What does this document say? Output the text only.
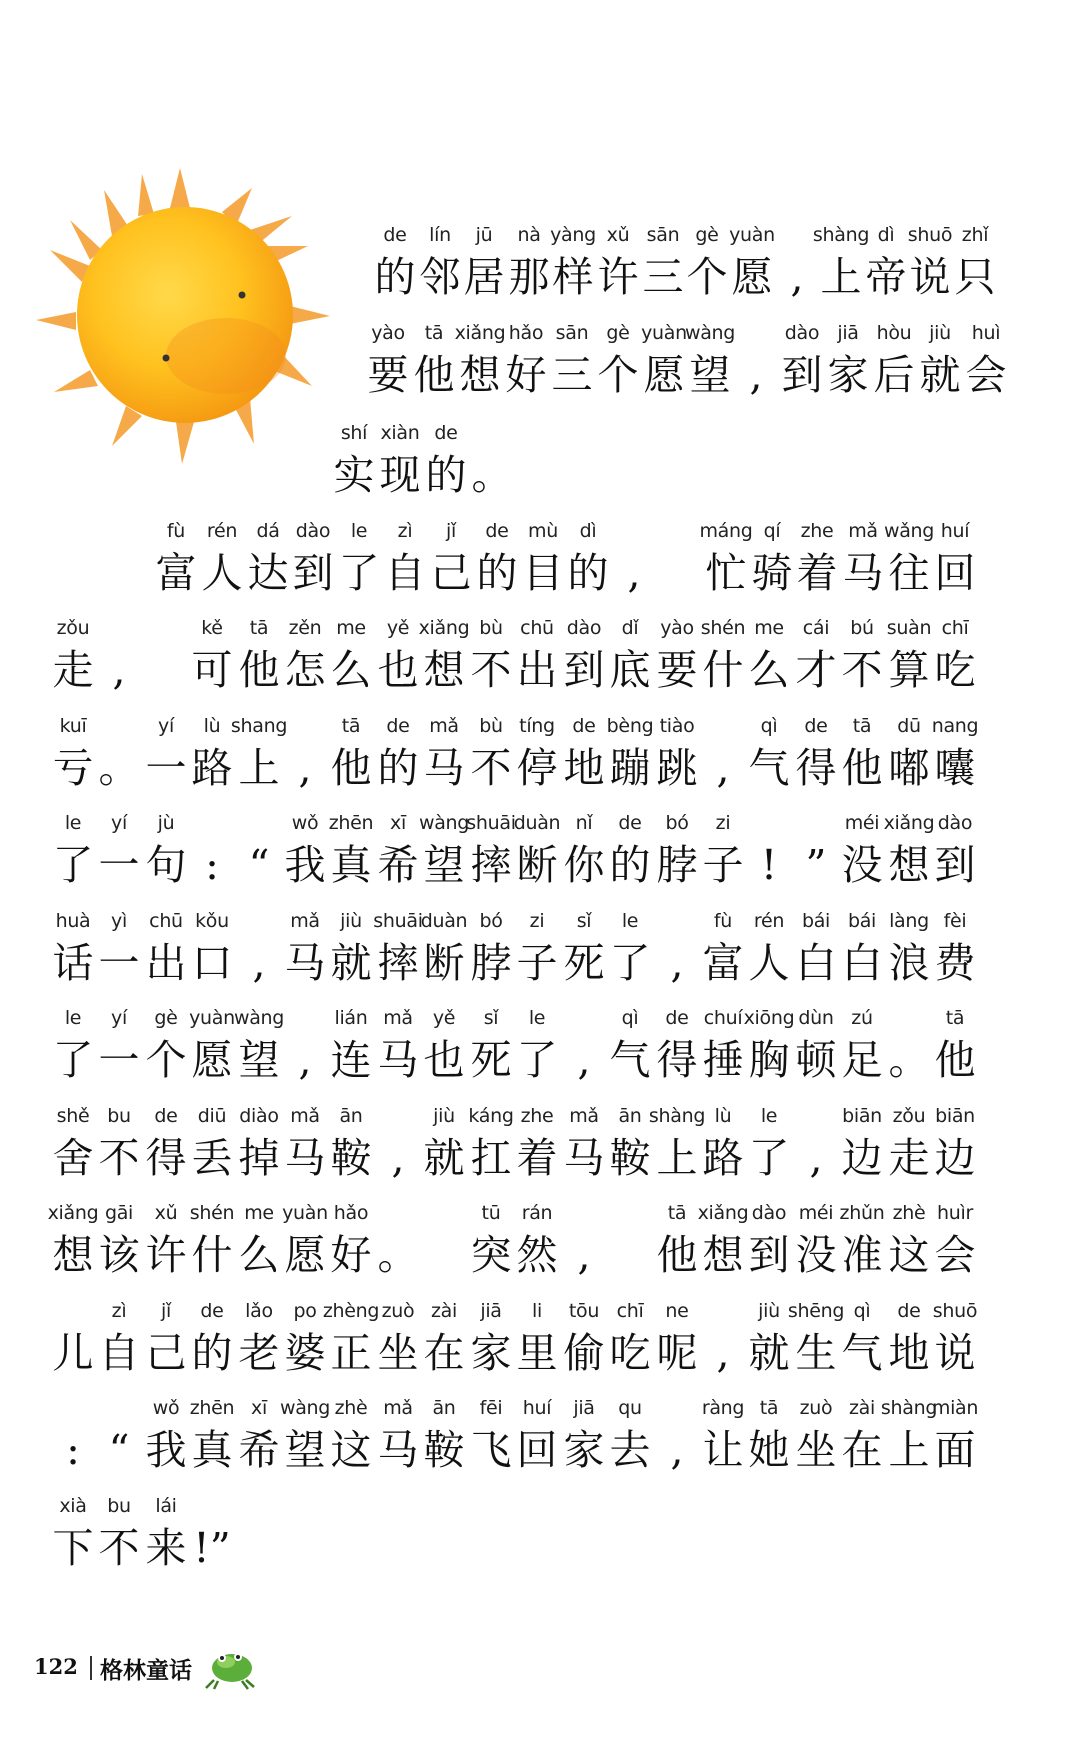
de
的
lín
邻
jū
居
nà
那
yàng
样
xǔ
许
sān
三
gè
个
yuàn
愿 ,
shàng
上
dì
帝
shuō
说
zhǐ
只
yào
要
tā
他
xiǎng
想
hǎo
好
sān
三
gè
个
yuàn
愿
wàng
望 ,
dào
到
jiā
家
hòu
后
jiù
就
huì
会
shí
实
xiàn
现
de
的 。
fù
富
rén
人
dá
达
dào
到
le
了
zì
自
jǐ
己
de
的
mù
目
dì
的 ,
máng
忙
qí
骑
zhe
着
mǎ
马
wǎng
往
huí
回
zǒu
走 ,
kě
可
tā
他
zěn
怎
me
么
yě
也
xiǎng
想
bù
不
chū
出
dào
到
dǐ
底
yào
要
shén
什
me
么
cái
才
bú
不
suàn
算
chī
吃
kuī
亏 。
yí
一
lù
路
shang
上 ,
tā
他
de
的
mǎ
马
bù
不
tíng
停
de
地
bèng
蹦
tiào
跳 ,
qì
气
de
得
tā
他
dū
嘟
nang
囔
le
了
yí
一
jù
句 : “
wǒ
我
zhēn
真
xī
希
wàng
望
shuāi
摔
duàn
断
nǐ
你
de
的
bó
脖
zi
子 ! ”
méi
没
xiǎng
想
dào
到
huà
话
yì
一
chū
出
kǒu
口 ,
mǎ
马
jiù
就
shuāi
摔
duàn
断
bó
脖
zi
子
sǐ
死
le
了 ,
fù
富
rén
人
bái
白
bái
白
làng
浪
fèi
费
le
了
yí
一
gè
个
yuàn
愿
wàng
望 ,
lián
连
mǎ
马
yě
也
sǐ
死
le
了 ,
qì
气
de
得
chuí
捶
xiōng
胸
dùn
顿
zú
足 。
tā
他
shě
舍
bu
不
de
得
diū
丢
diào
掉
mǎ
马
ān
鞍 ,
jiù
就
káng
扛
zhe
着
mǎ
马
ān
鞍
shàng
上
lù
路
le
了 ,
biān
边
zǒu
走
biān
边
xiǎng
想
gāi
该
xǔ
许
shén
什
me
么
yuàn
愿
hǎo
好 。
tū
突
rán
然 ,
tā
他
xiǎng
想
dào
到
méi
没
zhǔn
准
zhè
这
huìr
会
儿
zì
自
jǐ
己
de
的
lǎo
老
po
婆
zhèng
正
zuò
坐
zài
在
jiā
家
li
里
tōu
偷
chī
吃
ne
呢 ,
jiù
就
shēng
生
qì
气
de
地
shuō
说
: “
wǒ
我
zhēn
真
xī
希
wàng
望
zhè
这
mǎ
马
ān
鞍
fēi
飞
huí
回
jiā
家
qu
去 ,
ràng
让
tā
她
zuò
坐
zài
在
shàng
上
miàn
面
xià
下
bu
不
lái
来 !”
122 格林童话
